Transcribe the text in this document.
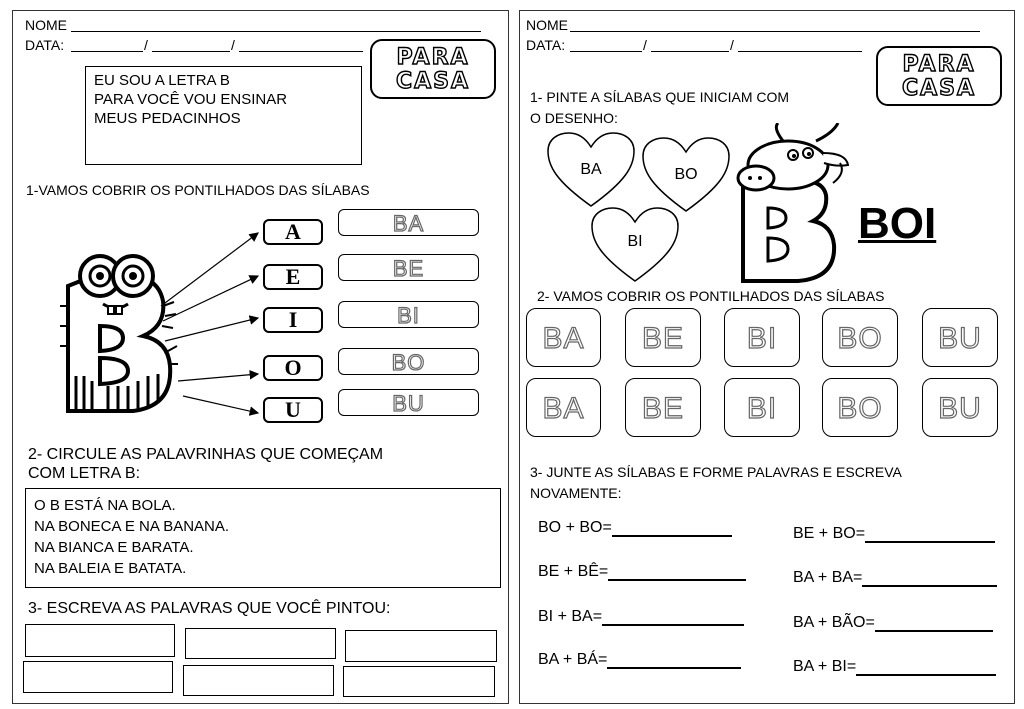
NOME
DATA:	/	/	PARA
CASA
EU SOU A LETRA B
PARA VOCÊ VOU ENSINAR
MEUS PEDACINHOS
1-VAMOS COBRIR OS PONTILHADOS DAS SÍLABAS
A
E
I
O
U
BA
BE
BI
BO
BU
2- CIRCULE AS PALAVRINHAS QUE COMEÇAM
COM LETRA B:
O B ESTÁ NA BOLA.
NA BONECA E NA BANANA.
NA BIANCA E BARATA.
NA BALEIA E BATATA.
3- ESCREVA AS PALAVRAS QUE VOCÊ PINTOU:
NOME
DATA:	/	/
PARA
CASA
1- PINTE A SÍLABAS QUE INICIAM COM
O DESENHO:
BA	BO
BI	BOI
2- VAMOS COBRIR OS PONTILHADOS DAS SÍLABAS
BA	BE	BI	BO	BU
BA	BE	BI	BO	BU
3- JUNTE AS SÍLABAS E FORME PALAVRAS E ESCREVA
NOVAMENTE:
BO + BO=
BE + BÊ=
BI + BA=
BA + BÁ=
BE + BO=
BA + BA=
BA + BÃO=
BA + BI=
